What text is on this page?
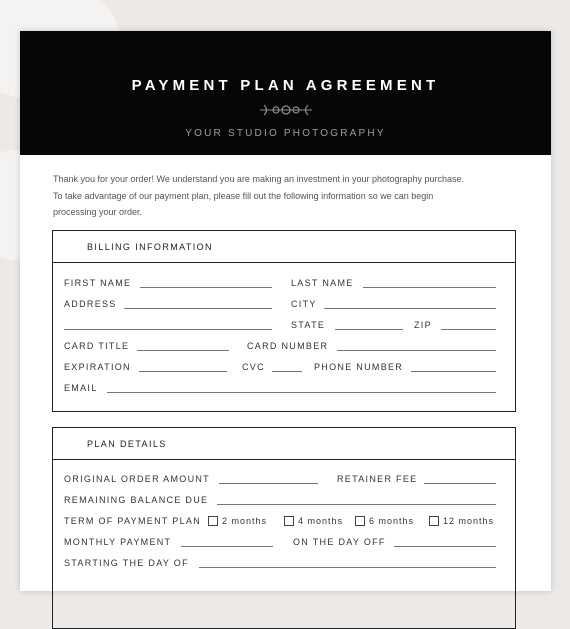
PAYMENT PLAN AGREEMENT
YOUR STUDIO PHOTOGRAPHY

Thank you for your order! We understand you are making an investment in your photography purchase.

To take advantage of our payment plan, please fill out the following information so we can begin

processing your order.

BILLING INFORMATION
FIRST NAME	LAST NAME
ADDRESS	CITY
STATE	ZIP
CARD TITLE	CARD NUMBER
EXPIRATION	CVC	PHONE NUMBER
EMAIL
PLAN DETAILS
ORIGINAL ORDER AMOUNT	RETAINER FEE
REMAINING BALANCE DUE
TERM OF PAYMENT PLAN 2 months	4 months	6 months	12 months
MONTHLY PAYMENT	ON THE DAY OFF
STARTING THE DAY OF
